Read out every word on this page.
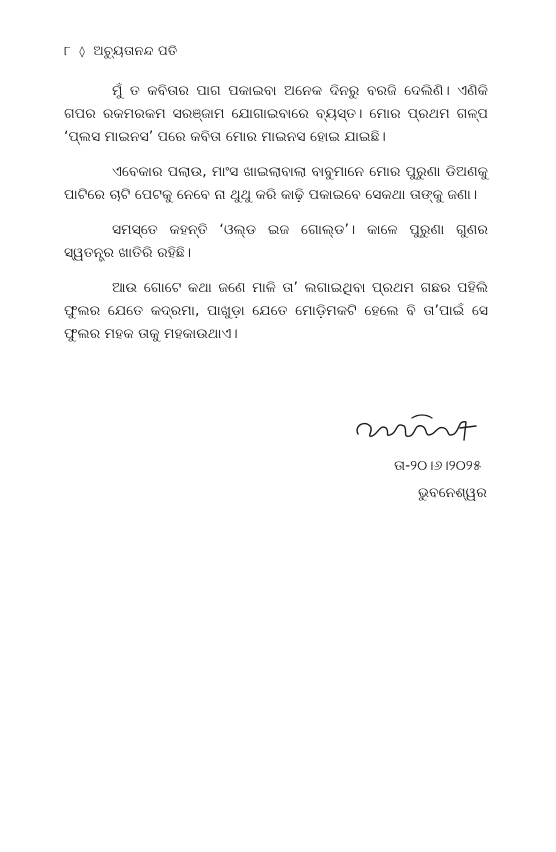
୮ ◊ ଅଚ୍ୟୁତାନନ୍ଦ ପତି

ମୁଁ ତ କବିତାର ପାଗ ପକାଇବା ଅନେକ ଦିନରୁ ବରଜି ଦେଲିଣି। ଏଣିକି ଗପର ରକମରକମ ସରଞ୍ଜାମ ଯୋଗାଇବାରେ ବ୍ୟସ୍ତ। ମୋର ପ୍ରଥମ ଗଳ୍ପ ‘ପ୍ଲସ ମାଇନସ’ ପରେ କବିତା ମୋର ମାଇନସ ହୋଇ ଯାଇଛି।

ଏବେକାର ପଲାଉ, ମାଂସ ଖାଇଲାବାଲା ବାବୁମାନେ ମୋର ପୁରୁଣା ଡିଅଣକୁ ପାଟିରେ ଚାଟି ପେଟକୁ ନେବେ ନା ଥୁଥୁ କରି କାଢ଼ି ପକାଇବେ ସେକଥା ତାଙ୍କୁ ଜଣା।

ସମସ୍ତେ କହନ୍ତି ‘ଓଲ୍ଡ ଇଜ ଗୋଲ୍ଡ’। କାଳେ ପୁରୁଣା ଗୁଣର ସ୍ୱତନ୍ତ୍ର ଖାତିରି ରହିଛି।

ଆଉ ଗୋଟେ କଥା ଜଣେ ମାଳି ତା’ ଲଗାଇଥିବା ପ୍ରଥମ ଗଛର ପହିଲି ଫୁଲର ଯେତେ କଦ୍ରମା, ପାଖୁଡ଼ା ଯେତେ ମୋଡ଼ିମକଟି ହେଲେ ବି ତା’ପାଇଁ ସେ ଫୁଲର ମହକ ତାକୁ ମହକାଉଥାଏ।

ତା-୨୦।୬।୨୦୨୫
ଭୁବନେଶ୍ୱର
